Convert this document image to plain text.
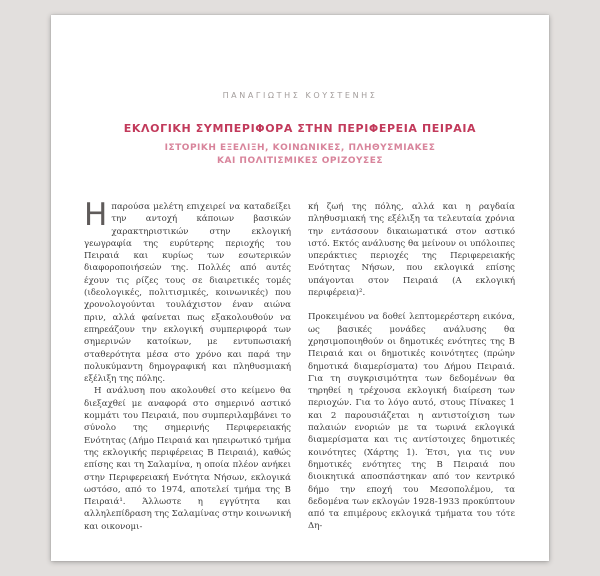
ΠΑΝΑΓΙΩΤΗΣ ΚΟΥΣΤΕΝΗΣ
ΕΚΛΟΓΙΚΗ ΣΥΜΠΕΡΙΦΟΡΑ ΣΤΗΝ ΠΕΡΙΦΕΡΕΙΑ ΠΕΙΡΑΙΑ
ΙΣΤΟΡΙΚΗ ΕΞΕΛΙΞΗ, ΚΟΙΝΩΝΙΚΕΣ, ΠΛΗΘΥΣΜΙΑΚΕΣ
ΚΑΙ ΠΟΛΙΤΙΣΜΙΚΕΣ ΟΡΙΖΟΥΣΕΣ

Ηπαρούσα μελέτη επιχειρεί να καταδείξει την αντοχή κάποιων βασικών χαρακτηριστικών στην εκλογική γεωγραφία της ευρύτερης περιοχής του Πειραιά και κυρίως των εσωτερικών διαφοροποιήσεών της. Πολλές από αυτές έχουν τις ρίζες τους σε διαιρετικές τομές (ιδεολογικές, πολιτισμικές, κοινωνικές) που χρονολογούνται τουλάχιστον έναν αιώνα πριν, αλλά φαίνεται πως εξακολουθούν να επηρεάζουν την εκλογική συμπεριφορά των σημερινών κατοίκων, με εντυπωσιακή σταθερότητα μέσα στο χρόνο και παρά την πολυκύμαντη δημογραφική και πληθυσμιακή εξέλιξη της πόλης.

Η ανάλυση που ακολουθεί στο κείμενο θα διεξαχθεί με αναφορά στο σημερινό αστικό κομμάτι του Πειραιά, που συμπεριλαμβάνει το σύνολο της σημερινής Περιφερειακής Ενότητας (Δήμο Πειραιά και ηπειρωτικό τμήμα της εκλογικής περιφέρειας Β Πειραιά), καθώς επίσης και τη Σαλαμίνα, η οποία πλέον ανήκει στην Περιφερειακή Ενότητα Νήσων, εκλογικά ωστόσο, από το 1974, αποτελεί τμήμα της Β Πειραιά¹. Άλλωστε η εγγύτητα και αλληλεπίδραση της Σαλαμίνας στην κοινωνική και οικονομι-

κή ζωή της πόλης, αλλά και η ραγδαία πληθυσμιακή της εξέλιξη τα τελευταία χρόνια την εντάσσουν δικαιωματικά στον αστικό ιστό. Εκτός ανάλυσης θα μείνουν οι υπόλοιπες υπεράκτιες περιοχές της Περιφερειακής Ενότητας Νήσων, που εκλογικά επίσης υπάγονται στον Πειραιά (Α εκλογική περιφέρεια)².

Προκειμένου να δοθεί λεπτομερέστερη εικόνα, ως βασικές μονάδες ανάλυσης θα χρησιμοποιηθούν οι δημοτικές ενότητες της Β Πειραιά και οι δημοτικές κοινότητες (πρώην δημοτικά διαμερίσματα) του Δήμου Πειραιά. Για τη συγκρισιμότητα των δεδομένων θα τηρηθεί η τρέχουσα εκλογική διαίρεση των περιοχών. Για το λόγο αυτό, στους Πίνακες 1 και 2 παρουσιάζεται η αντιστοίχιση των παλαιών ενοριών με τα τωρινά εκλογικά διαμερίσματα και τις αντίστοιχες δημοτικές κοινότητες (Χάρτης 1). Έτσι, για τις νυν δημοτικές ενότητες της Β Πειραιά που διοικητικά αποσπάστηκαν από τον κεντρικό δήμο την εποχή του Μεσοπολέμου, τα δεδομένα των εκλογών 1928-1933 προκύπτουν από τα επιμέρους εκλογικά τμήματα του τότε Δη-
